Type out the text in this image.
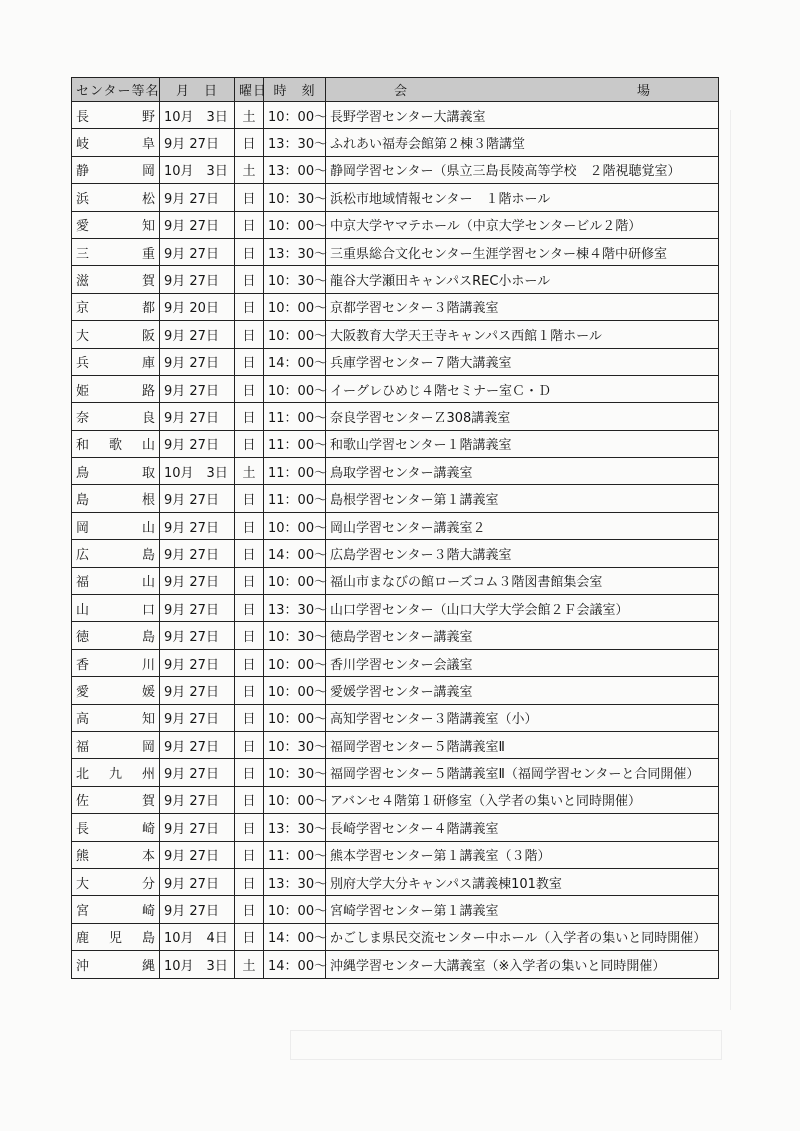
センター等名	月　日	曜日	時　刻	会 場
長野	10月　3日	土	10：00～	長野学習センター大講義室
岐阜	9月 27日	日	13：30～	ふれあい福寿会館第２棟３階講堂
静岡	10月　3日	土	13：00～	静岡学習センター（県立三島長陵高等学校　２階視聴覚室）
浜松	9月 27日	日	10：30～	浜松市地域情報センター　１階ホール
愛知	9月 27日	日	10：00～	中京大学ヤマテホール（中京大学センタービル２階）
三重	9月 27日	日	13：30～	三重県総合文化センター生涯学習センター棟４階中研修室
滋賀	9月 27日	日	10：30～	龍谷大学瀬田キャンパスREC小ホール
京都	9月 20日	日	10：00～	京都学習センター３階講義室
大阪	9月 27日	日	10：00～	大阪教育大学天王寺キャンパス西館１階ホール
兵庫	9月 27日	日	14：00～	兵庫学習センター７階大講義室
姫路	9月 27日	日	10：00～	イーグレひめじ４階セミナー室Ｃ・Ｄ
奈良	9月 27日	日	11：00～	奈良学習センターＺ308講義室
和歌山	9月 27日	日	11：00～	和歌山学習センター１階講義室
鳥取	10月　3日	土	11：00～	鳥取学習センター講義室
島根	9月 27日	日	11：00～	島根学習センター第１講義室
岡山	9月 27日	日	10：00～	岡山学習センター講義室２
広島	9月 27日	日	14：00～	広島学習センター３階大講義室
福山	9月 27日	日	10：00～	福山市まなびの館ローズコム３階図書館集会室
山口	9月 27日	日	13：30～	山口学習センター（山口大学大学会館２Ｆ会議室）
徳島	9月 27日	日	10：30～	徳島学習センター講義室
香川	9月 27日	日	10：00～	香川学習センター会議室
愛媛	9月 27日	日	10：00～	愛媛学習センター講義室
高知	9月 27日	日	10：00～	高知学習センター３階講義室（小）
福岡	9月 27日	日	10：30～	福岡学習センター５階講義室Ⅱ
北九州	9月 27日	日	10：30～	福岡学習センター５階講義室Ⅱ（福岡学習センターと合同開催）
佐賀	9月 27日	日	10：00～	アバンセ４階第１研修室（入学者の集いと同時開催）
長崎	9月 27日	日	13：30～	長崎学習センター４階講義室
熊本	9月 27日	日	11：00～	熊本学習センター第１講義室（３階）
大分	9月 27日	日	13：30～	別府大学大分キャンパス講義棟101教室
宮崎	9月 27日	日	10：00～	宮崎学習センター第１講義室
鹿児島	10月　4日	日	14：00～	かごしま県民交流センター中ホール（入学者の集いと同時開催）
沖縄	10月　3日	土	14：00～	沖縄学習センター大講義室（※入学者の集いと同時開催）
